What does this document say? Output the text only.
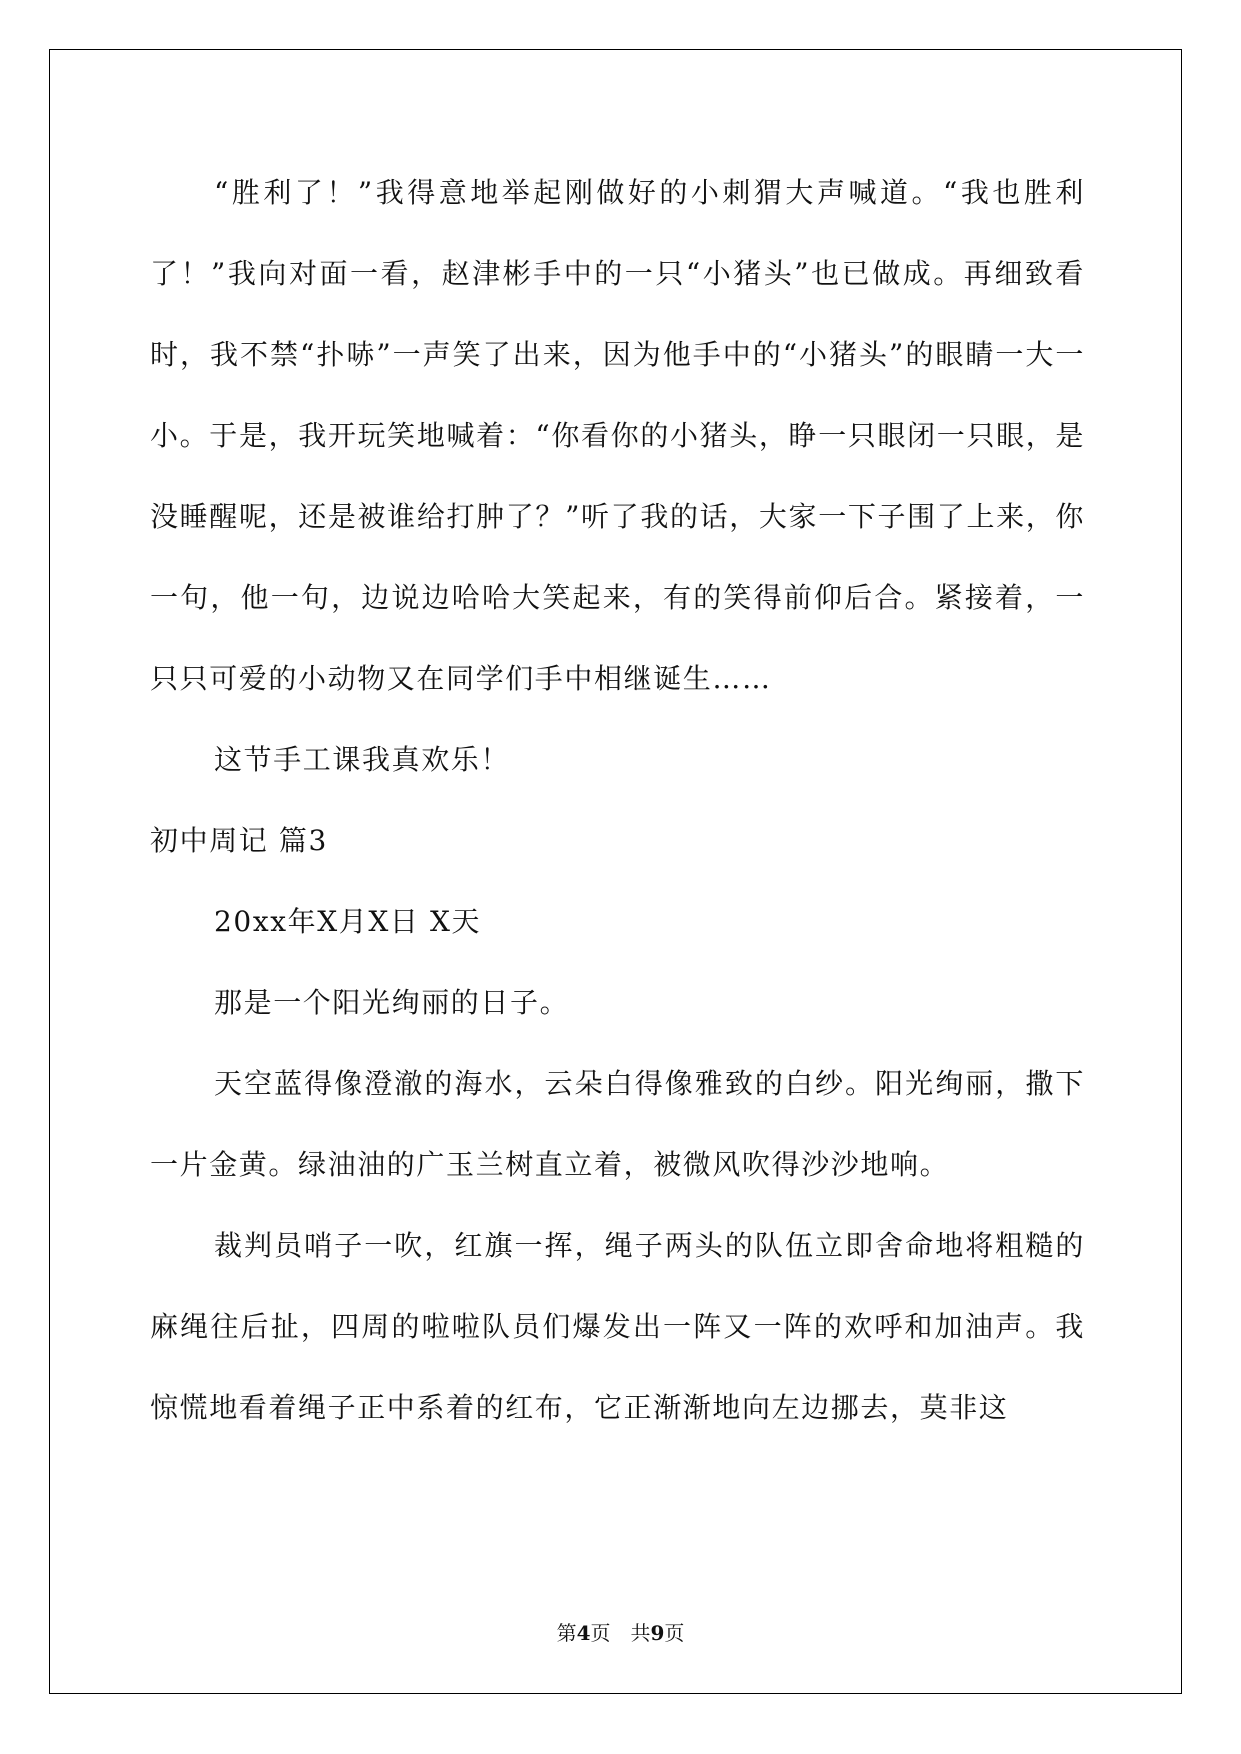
“胜利了！”我得意地举起刚做好的小刺猬大声喊道。“我也胜利了！”我向对面一看，赵津彬手中的一只“小猪头”也已做成。再细致看时，我不禁“扑哧”一声笑了出来，因为他手中的“小猪头”的眼睛一大一小。于是，我开玩笑地喊着：“你看你的小猪头，睁一只眼闭一只眼，是没睡醒呢，还是被谁给打肿了？”听了我的话，大家一下子围了上来，你一句，他一句，边说边哈哈大笑起来，有的笑得前仰后合。紧接着，一只只可爱的小动物又在同学们手中相继诞生……

这节手工课我真欢乐！

初中周记 篇3

20xx年X月X日 X天

那是一个阳光绚丽的日子。

天空蓝得像澄澈的海水，云朵白得像雅致的白纱。阳光绚丽，撒下一片金黄。绿油油的广玉兰树直立着，被微风吹得沙沙地响。

裁判员哨子一吹，红旗一挥，绳子两头的队伍立即舍命地将粗糙的麻绳往后扯，四周的啦啦队员们爆发出一阵又一阵的欢呼和加油声。我惊慌地看着绳子正中系着的红布，它正渐渐地向左边挪去，莫非这

第4页　共9页
